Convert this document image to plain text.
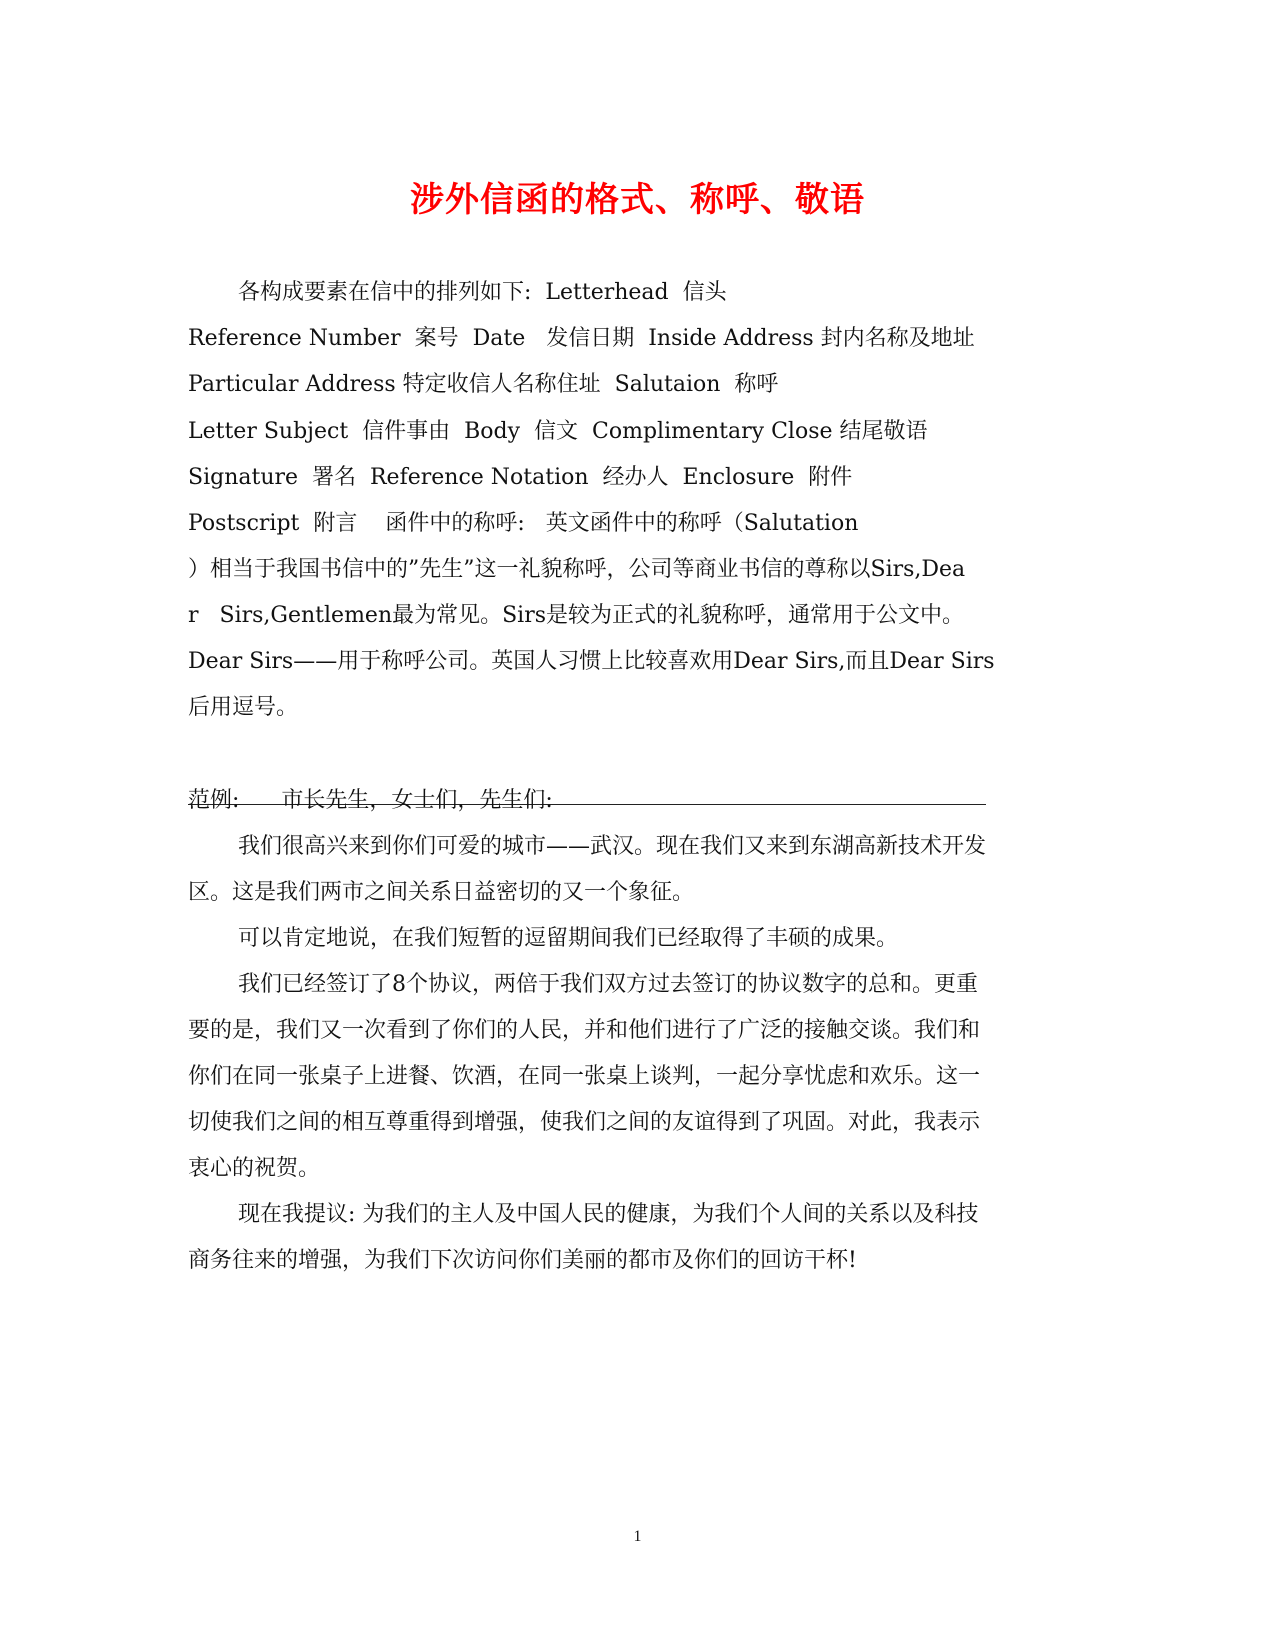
涉外信函的格式、称呼、敬语
各构成要素在信中的排列如下:  Letterhead  信头
Reference Number  案号  Date   发信日期  Inside Address 封内名称及地址
Particular Address 特定收信人名称住址  Salutaion  称呼
Letter Subject  信件事由  Body  信文  Complimentary Close 结尾敬语
Signature  署名  Reference Notation  经办人  Enclosure  附件
Postscript  附言    函件中的称呼:   英文函件中的称呼（Salutation
）相当于我国书信中的”先生”这一礼貌称呼，公司等商业书信的尊称以Sirs,Dea
r   Sirs,Gentlemen最为常见。Sirs是较为正式的礼貌称呼，通常用于公文中。
Dear Sirs——用于称呼公司。英国人习惯上比较喜欢用Dear Sirs,而且Dear Sirs
后用逗号。
范例:      市长先生，女士们，先生们:
我们很高兴来到你们可爱的城市——武汉。现在我们又来到东湖高新技术开发
区。这是我们两市之间关系日益密切的又一个象征。
可以肯定地说，在我们短暂的逗留期间我们已经取得了丰硕的成果。
我们已经签订了8个协议，两倍于我们双方过去签订的协议数字的总和。更重
要的是，我们又一次看到了你们的人民，并和他们进行了广泛的接触交谈。我们和
你们在同一张桌子上进餐、饮酒，在同一张桌上谈判，一起分享忧虑和欢乐。这一
切使我们之间的相互尊重得到增强，使我们之间的友谊得到了巩固。对此，我表示
衷心的祝贺。
现在我提议: 为我们的主人及中国人民的健康，为我们个人间的关系以及科技
商务往来的增强，为我们下次访问你们美丽的都市及你们的回访干杯!
1
